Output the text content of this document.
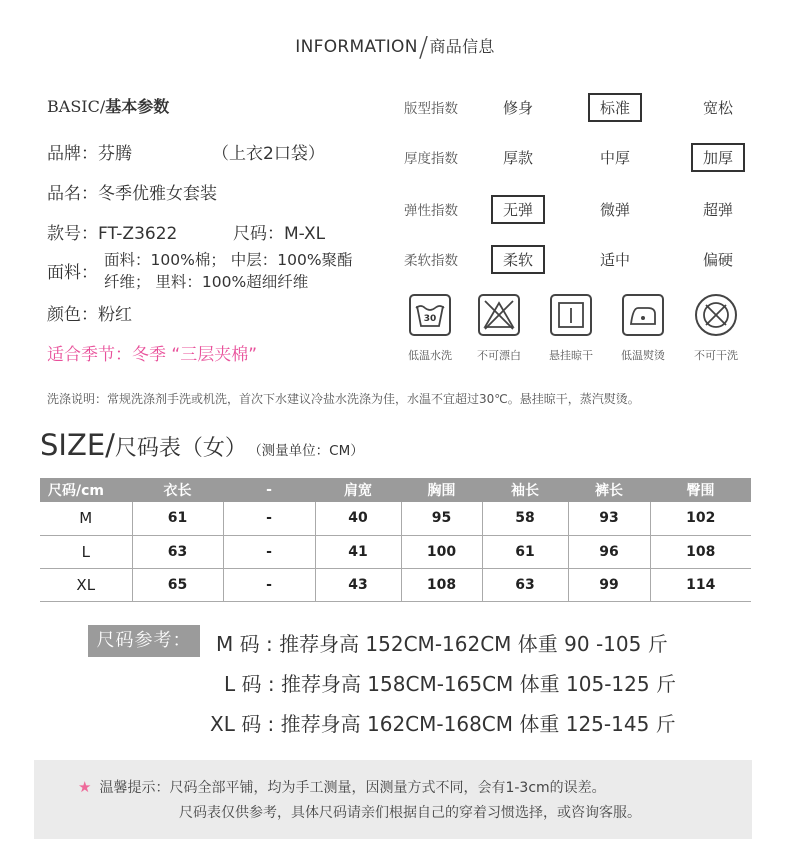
INFORMATION/商品信息
BASIC/基本参数
品牌：芬腾	（上衣2口袋）
品名：冬季优雅女套装
款号：FT-Z3622	尺码：M-XL
面料：
面料：100%棉； 中层：100%聚酯
纤维； 里料：100%超细纤维
颜色：粉红
适合季节：冬季 “三层夹棉”
版型指数	修身	标准	宽松
厚度指数	厚款	中厚	加厚
弹性指数	无弹	微弹	超弹
柔软指数	柔软	适中	偏硬
30
低温水洗	不可漂白	悬挂晾干	低温熨烫	不可干洗
洗涤说明：常规洗涤剂手洗或机洗，首次下水建议冷盐水洗涤为佳，水温不宜超过30℃。悬挂晾干，蒸汽熨烫。
SIZE/尺码表（女） （测量单位：CM）
尺码/cm	衣长	-	肩宽	胸围	袖长	裤长	臀围
M	61	-	40	95	58	93	102
L	63	-	41	100	61	96	108
XL	65	-	43	108	63	99	114
尺码参考：	M 码 : 推荐身高 152CM-162CM 体重 90 -105 斤
L 码 : 推荐身高 158CM-165CM 体重 105-125 斤
XL 码 : 推荐身高 162CM-168CM 体重 125-145 斤
★ 温馨提示：尺码全部平铺，均为手工测量，因测量方式不同，会有1-3cm的误差。
尺码表仅供参考，具体尺码请亲们根据自己的穿着习惯选择，或咨询客服。
